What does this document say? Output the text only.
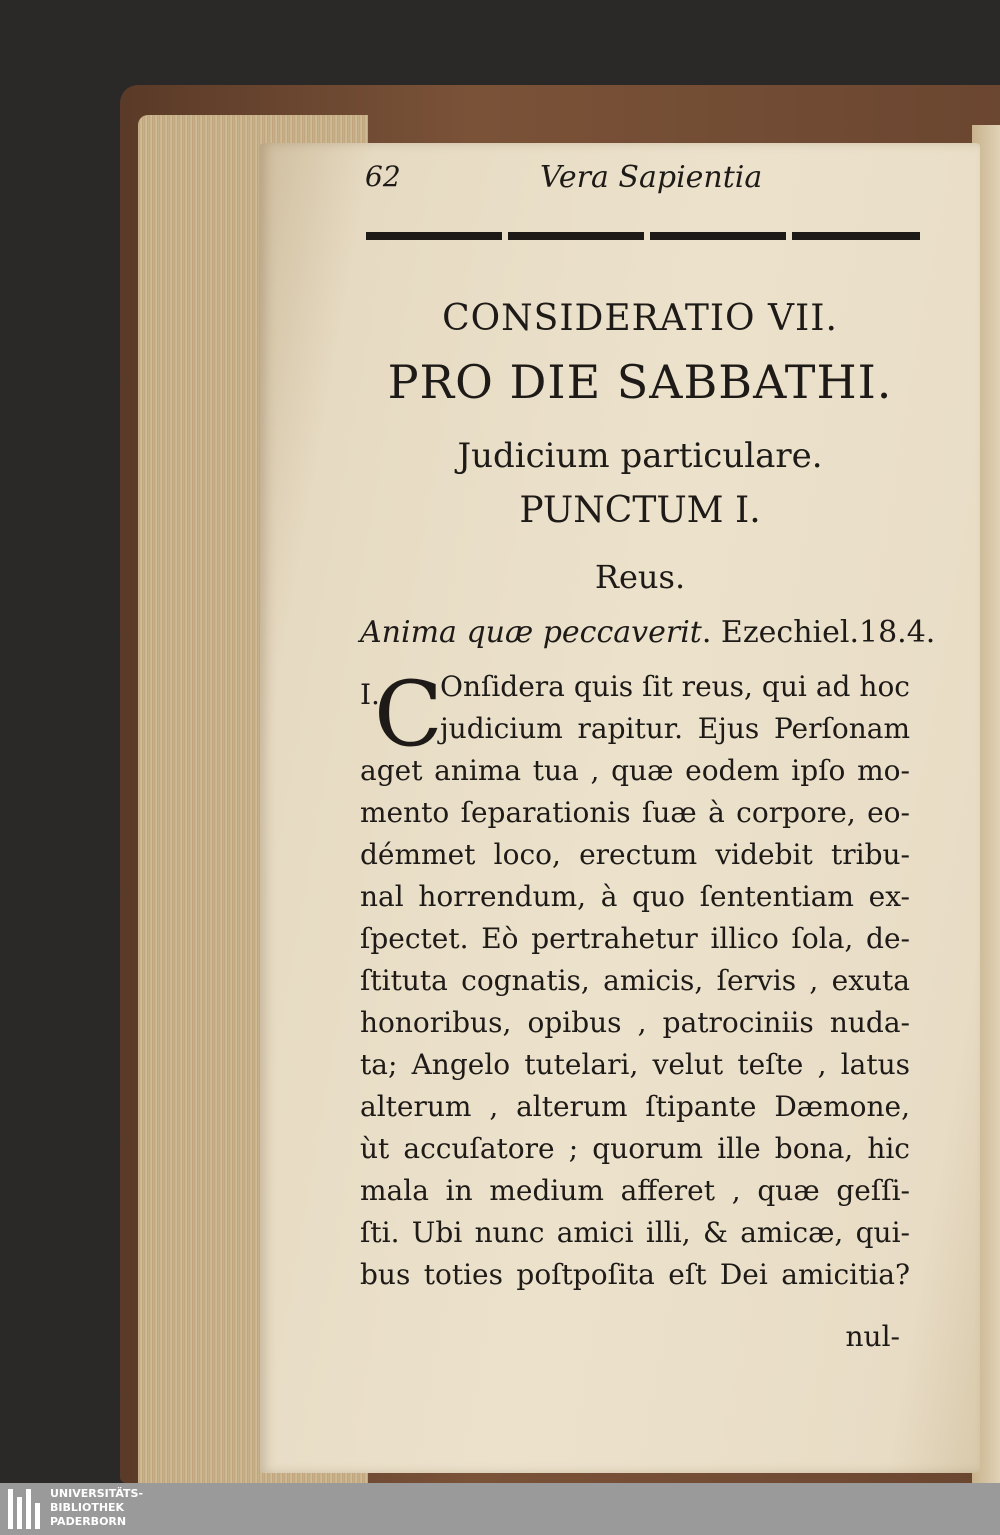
62	Vera Sapientia
CONSIDERATIO VII.
PRO DIE SABBATHI.
Judicium particulare.
PUNCTUM I.
Reus.
Anima quæ peccaverit. Ezechiel.18.4.
I.
C
Onſidera quis ſit reus, qui ad hoc
judicium rapitur. Ejus Perſonam
aget anima tua , quæ eodem ipſo mo-
mento ſeparationis ſuæ à corpore, eo-
démmet loco, erectum videbit tribu-
nal horrendum, à quo ſententiam ex-
ſpectet. Eò pertrahetur illico ſola, de-
ſtituta cognatis, amicis, ſervis , exuta
honoribus, opibus , patrociniis nuda-
ta; Angelo tutelari, velut teſte , latus
alterum , alterum ſtipante Dæmone,
ùt accuſatore ; quorum ille bona, hic
mala in medium afferet , quæ geſſi-
ſti. Ubi nunc amici illi, & amicæ, qui-
bus toties poſtpoſita eſt Dei amicitia?
nul-
UNIVERSITÄTS-
BIBLIOTHEK
PADERBORN
